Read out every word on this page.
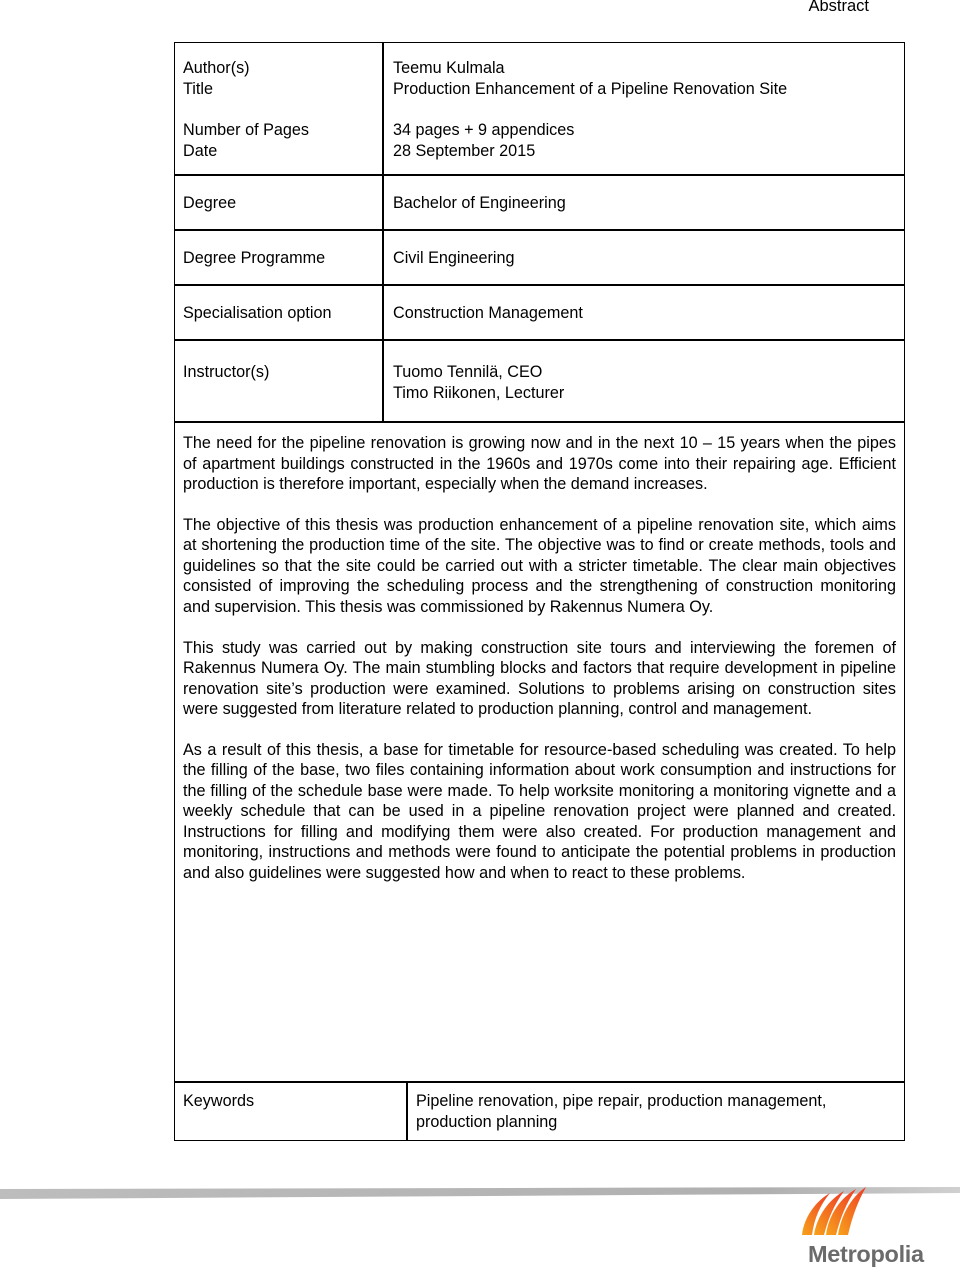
Abstract
Author(s)	Teemu Kulmala
Title	Production Enhancement of a Pipeline Renovation Site
Number of Pages	34 pages + 9 appendices
Date	28 September 2015
Degree	Bachelor of Engineering
Degree Programme	Civil Engineering
Specialisation option	Construction Management
Instructor(s)	Tuomo Tennilä, CEO
Timo Riikonen, Lecturer

The need for the pipeline renovation is growing now and in the next 10 – 15 years when the pipes of apartment buildings constructed in the 1960s and 1970s come into their repairing age. Efficient production is therefore important, especially when the demand increases.

The objective of this thesis was production enhancement of a pipeline renovation site, which aims at shortening the production time of the site. The objective was to find or create methods, tools and guidelines so that the site could be carried out with a stricter timetable. The clear main objectives consisted of improving the scheduling process and the strengthening of construction monitoring and supervision. This thesis was commissioned by Rakennus Numera Oy.

This study was carried out by making construction site tours and interviewing the foremen of Rakennus Numera Oy. The main stumbling blocks and factors that require development in pipeline renovation site’s production were examined. Solutions to problems arising on construction sites were suggested from literature related to production planning, control and management.

As a result of this thesis, a base for timetable for resource-based scheduling was created. To help the filling of the base, two files containing information about work consumption and instructions for the filling of the schedule base were made. To help worksite monitoring a monitoring vignette and a weekly schedule that can be used in a pipeline renovation project were planned and created. Instructions for filling and modifying them were also created. For production management and monitoring, instructions and methods were found to anticipate the potential problems in production and also guidelines were suggested how and when to react to these problems.

Keywords	Pipeline renovation, pipe repair, production management, production planning
Metropolia
